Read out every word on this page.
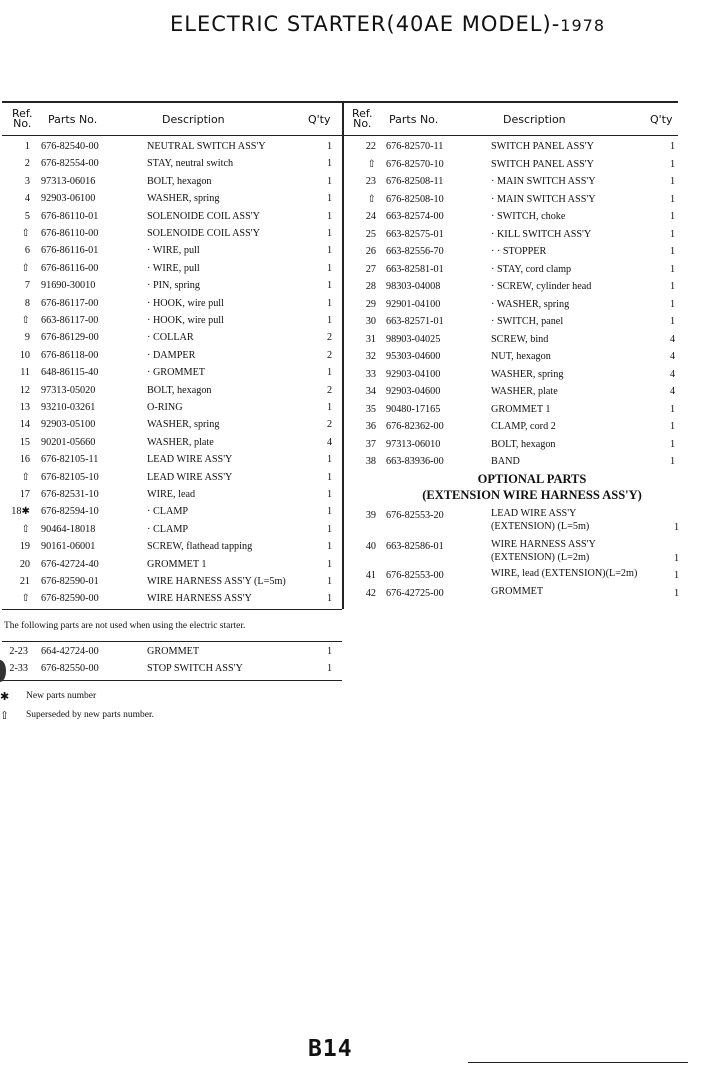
ELECTRIC STARTER(40AE MODEL)-1978
Ref.
No. Parts No.	Description	Q'ty Ref.
No. Parts No.	Description	Q'ty
1 676-82540-00	NEUTRAL SWITCH ASS'Y	1
2 676-82554-00	STAY, neutral switch	1
3 97313-06016	BOLT, hexagon	1
4 92903-06100	WASHER, spring	1
5 676-86110-01	SOLENOIDE COIL ASS'Y	1
⇧ 676-86110-00	SOLENOIDE COIL ASS'Y	1
6 676-86116-01	· WIRE, pull	1
⇧ 676-86116-00	· WIRE, pull	1
7 91690-30010	· PIN, spring	1
8 676-86117-00	· HOOK, wire pull	1
⇧ 663-86117-00	· HOOK, wire pull	1
9 676-86129-00	· COLLAR	2
10 676-86118-00	· DAMPER	2
11 648-86115-40	· GROMMET	1
12 97313-05020	BOLT, hexagon	2
13 93210-03261	O-RING	1
14 92903-05100	WASHER, spring	2
15 90201-05660	WASHER, plate	4
16 676-82105-11	LEAD WIRE ASS'Y	1
⇧ 676-82105-10	LEAD WIRE ASS'Y	1
17 676-82531-10	WIRE, lead	1
18✱ 676-82594-10	· CLAMP	1
⇧ 90464-18018	· CLAMP	1
19 90161-06001	SCREW, flathead tapping	1
20 676-42724-40	GROMMET 1	1
21 676-82590-01	WIRE HARNESS ASS'Y (L=5m)	1
⇧ 676-82590-00	WIRE HARNESS ASS'Y	1
22 676-82570-11	SWITCH PANEL ASS'Y	1
⇧ 676-82570-10	SWITCH PANEL ASS'Y	1
23 676-82508-11	· MAIN SWITCH ASS'Y	1
⇧ 676-82508-10	· MAIN SWITCH ASS'Y	1
24 663-82574-00	· SWITCH, choke	1
25 663-82575-01	· KILL SWITCH ASS'Y	1
26 663-82556-70	· · STOPPER	1
27 663-82581-01	· STAY, cord clamp	1
28 98303-04008	· SCREW, cylinder head	1
29 92901-04100	· WASHER, spring	1
30 663-82571-01	· SWITCH, panel	1
31 98903-04025	SCREW, bind	4
32 95303-04600	NUT, hexagon	4
33 92903-04100	WASHER, spring	4
34 92903-04600	WASHER, plate	4
35 90480-17165	GROMMET 1	1
36 676-82362-00	CLAMP, cord 2	1
37 97313-06010	BOLT, hexagon	1
38 663-83936-00	BAND	1
OPTIONAL PARTS
(EXTENSION WIRE HARNESS ASS'Y)
39 676-82553-20	LEAD WIRE ASS'Y
(EXTENSION) (L=5m)	1
40 663-82586-01	WIRE HARNESS ASS'Y
(EXTENSION) (L=2m)	1
41 676-82553-00	WIRE, lead (EXTENSION)(L=2m)	1
42 676-42725-00	GROMMET	1
The following parts are not used when using the electric starter.
2-23 664-42724-00	GROMMET	1
2-33 676-82550-00	STOP SWITCH ASS'Y	1
✱ New parts number
⇧ Superseded by new parts number.
B14
